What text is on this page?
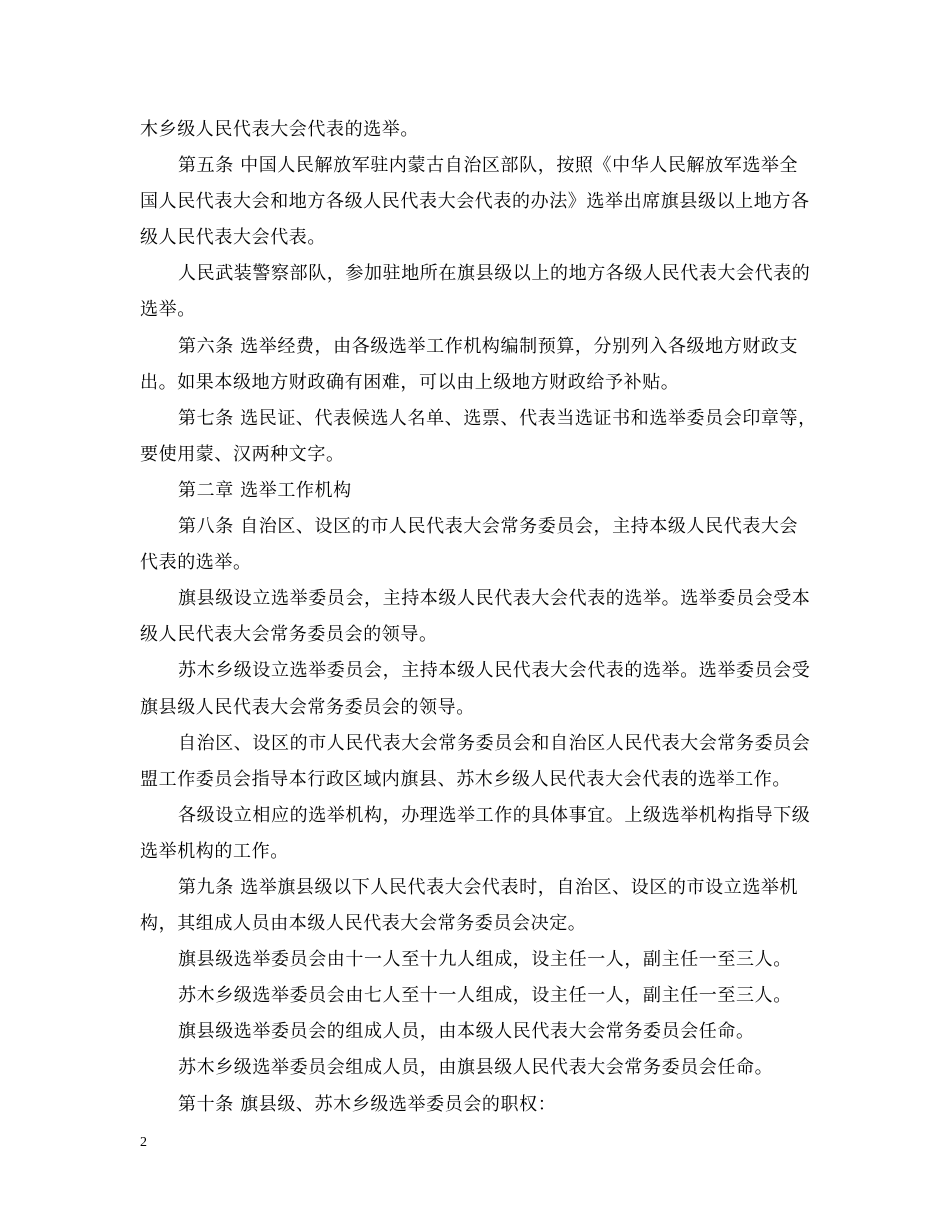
木乡级人民代表大会代表的选举。
第五条 中国人民解放军驻内蒙古自治区部队，按照《中华人民解放军选举全
国人民代表大会和地方各级人民代表大会代表的办法》选举出席旗县级以上地方各
级人民代表大会代表。
人民武装警察部队，参加驻地所在旗县级以上的地方各级人民代表大会代表的
选举。
第六条 选举经费，由各级选举工作机构编制预算，分别列入各级地方财政支
出。如果本级地方财政确有困难，可以由上级地方财政给予补贴。
第七条 选民证、代表候选人名单、选票、代表当选证书和选举委员会印章等，
要使用蒙、汉两种文字。
第二章 选举工作机构
第八条 自治区、设区的市人民代表大会常务委员会，主持本级人民代表大会
代表的选举。
旗县级设立选举委员会，主持本级人民代表大会代表的选举。选举委员会受本
级人民代表大会常务委员会的领导。
苏木乡级设立选举委员会，主持本级人民代表大会代表的选举。选举委员会受
旗县级人民代表大会常务委员会的领导。
自治区、设区的市人民代表大会常务委员会和自治区人民代表大会常务委员会
盟工作委员会指导本行政区域内旗县、苏木乡级人民代表大会代表的选举工作。
各级设立相应的选举机构，办理选举工作的具体事宜。上级选举机构指导下级
选举机构的工作。
第九条 选举旗县级以下人民代表大会代表时，自治区、设区的市设立选举机
构，其组成人员由本级人民代表大会常务委员会决定。
旗县级选举委员会由十一人至十九人组成，设主任一人，副主任一至三人。
苏木乡级选举委员会由七人至十一人组成，设主任一人，副主任一至三人。
旗县级选举委员会的组成人员，由本级人民代表大会常务委员会任命。
苏木乡级选举委员会组成人员，由旗县级人民代表大会常务委员会任命。
第十条 旗县级、苏木乡级选举委员会的职权：
2
